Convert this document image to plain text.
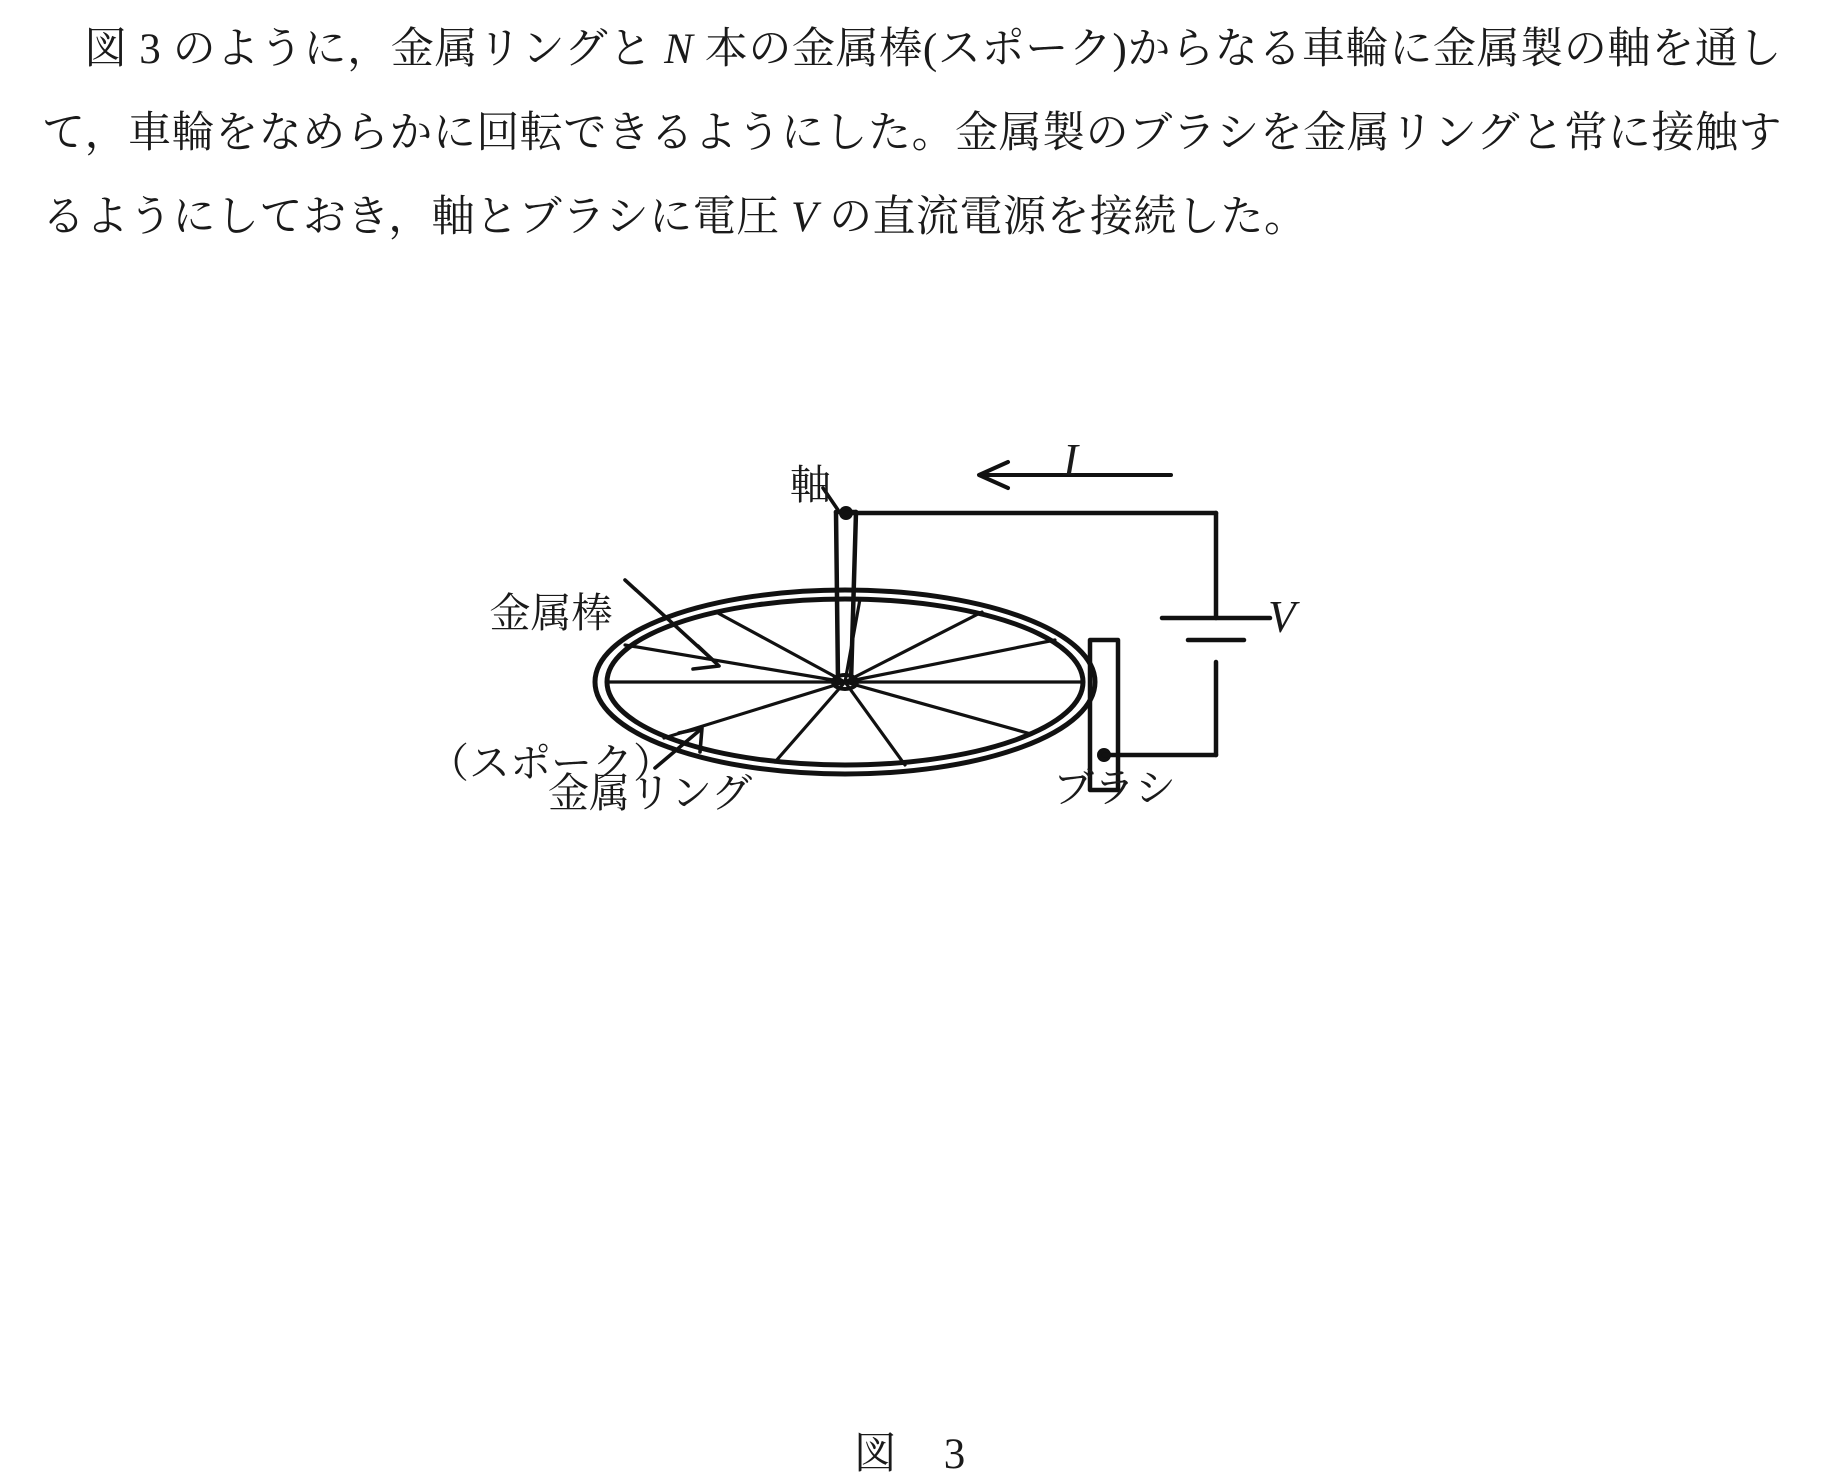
図 3 のように，金属リングと N 本の金属棒(スポーク)からなる車輪に金属製の軸を通して，車輪をなめらかに回転できるようにした。金属製のブラシを金属リングと常に接触するようにしておき，軸とブラシに電圧 V の直流電源を接続した。
軸

金属棒

（スポーク）

金属リング	ブラシ
I
V
図　3
